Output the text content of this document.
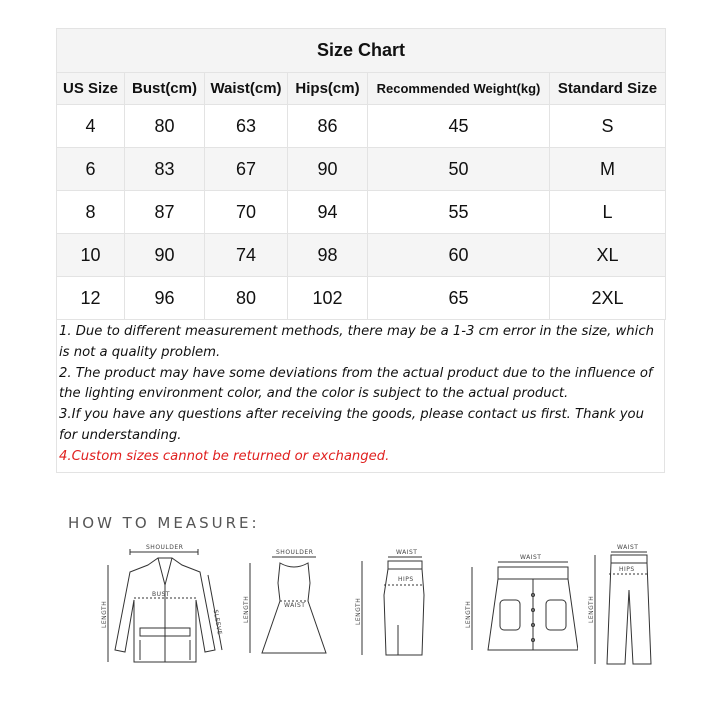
Size Chart					
US Size	Bust(cm)	Waist(cm)	Hips(cm)	Recommended Weight(kg)	Standard Size
4	80	63	86	45	S
6	83	67	90	50	M
8	87	70	94	55	L
10	90	74	98	60	XL
12	96	80	102	65	2XL
1. Due to different measurement methods, there may be a 1-3 cm error in the size, which is not a quality problem.
2. The product may have some deviations from the actual product due to the influence of the lighting environment color, and the color is subject to the actual product.
3.If you have any questions after receiving the goods, please contact us first. Thank you for understanding.
4.Custom sizes cannot be returned or exchanged.
HOW TO MEASURE:
SHOULDER
BUST
LENGTH	SLEEVE
SHOULDER
WAIST
LENGTH
WAIST
HIPS
LENGTH
WAIST
LENGTH
WAIST
HIPS
LENGTH
